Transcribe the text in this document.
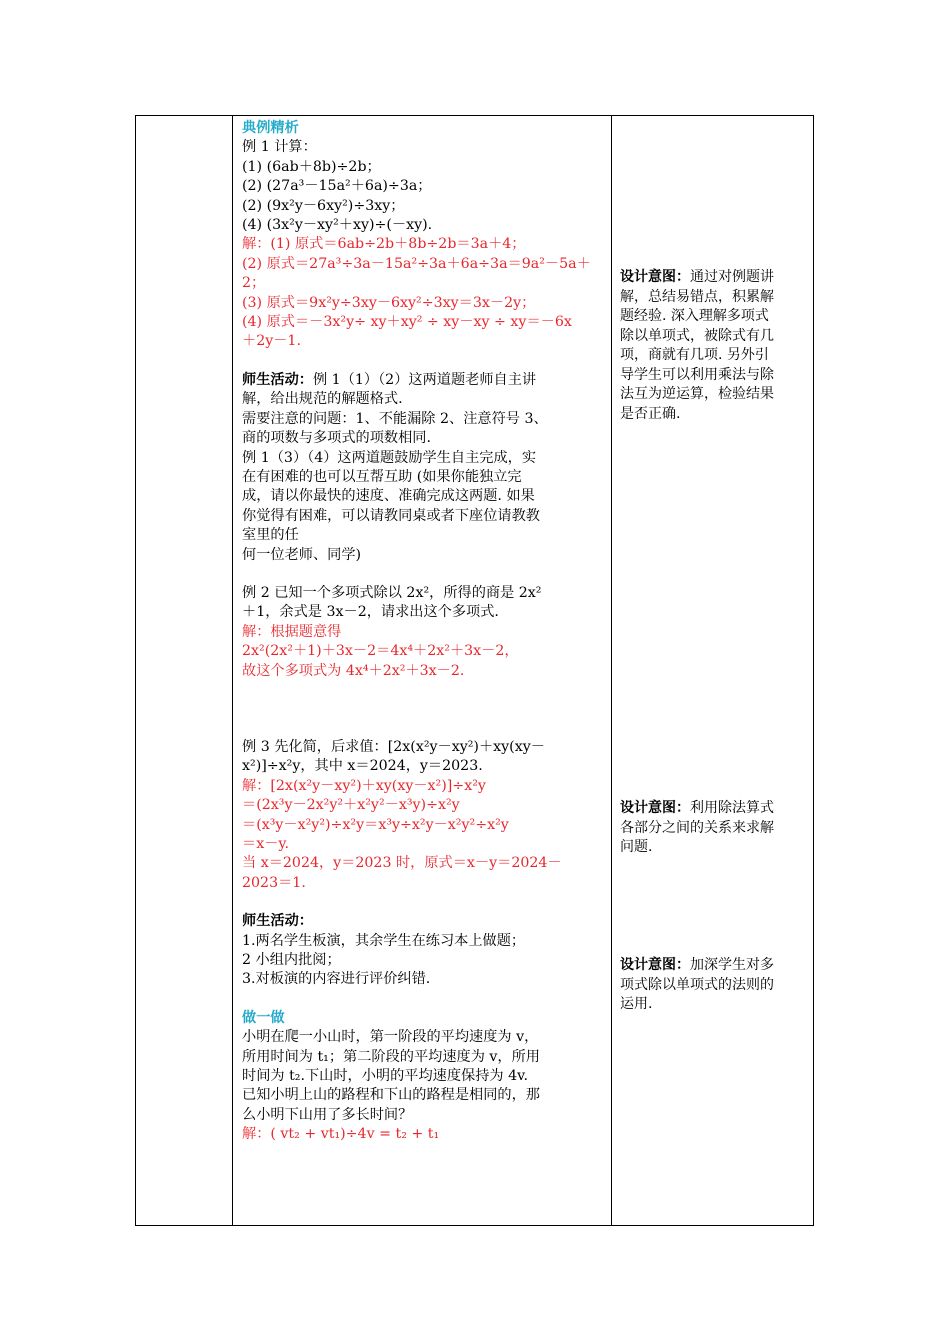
典例精析
例 1 计算：
(1) (6ab＋8b)÷2b；
(2) (27a³－15a²＋6a)÷3a；
(2) (9x²y－6xy²)÷3xy；
(4) (3x²y－xy²＋xy)÷(－xy).
解：(1) 原式＝6ab÷2b＋8b÷2b＝3a＋4；
(2) 原式＝27a³÷3a－15a²÷3a＋6a÷3a＝9a²－5a＋
2；
(3) 原式＝9x²y÷3xy－6xy²÷3xy＝3x－2y；
(4) 原式＝－3x²y÷ xy＋xy² ÷ xy－xy ÷ xy＝－6x
＋2y－1.
师生活动：例 1（1）（2）这两道题老师自主讲
解，给出规范的解题格式.
需要注意的问题：1、不能漏除 2、注意符号 3、
商的项数与多项式的项数相同.
例 1（3）（4）这两道题鼓励学生自主完成，实
在有困难的也可以互帮互助 (如果你能独立完
成，请以你最快的速度、准确完成这两题. 如果
你觉得有困难，可以请教同桌或者下座位请教教
室里的任
何一位老师、同学)
例 2 已知一个多项式除以 2x²，所得的商是 2x²
＋1，余式是 3x－2，请求出这个多项式.
解：根据题意得
2x²(2x²＋1)＋3x－2＝4x⁴＋2x²＋3x－2，
故这个多项式为 4x⁴＋2x²＋3x－2.
例 3 先化简，后求值：[2x(x²y－xy²)＋xy(xy－
x²)]÷x²y，其中 x＝2024，y＝2023.
解：[2x(x²y－xy²)＋xy(xy－x²)]÷x²y
＝(2x³y－2x²y²＋x²y²－x³y)÷x²y
＝(x³y－x²y²)÷x²y＝x³y÷x²y－x²y²÷x²y
＝x－y.
当 x＝2024，y＝2023 时，原式＝x－y＝2024－
2023＝1.
师生活动：
1.两名学生板演，其余学生在练习本上做题；
2 小组内批阅；
3.对板演的内容进行评价纠错.
做一做
小明在爬一小山时，第一阶段的平均速度为 v，
所用时间为 t₁；第二阶段的平均速度为 v，所用
时间为 t₂.下山时，小明的平均速度保持为 4v.
已知小明上山的路程和下山的路程是相同的，那
么小明下山用了多长时间？
解：( vt₂ + vt₁)÷4v = t₂ + t₁
设计意图：通过对例题讲
解，总结易错点，积累解
题经验. 深入理解多项式
除以单项式，被除式有几
项，商就有几项. 另外引
导学生可以利用乘法与除
法互为逆运算，检验结果
是否正确.
设计意图：利用除法算式
各部分之间的关系来求解
问题.
设计意图：加深学生对多
项式除以单项式的法则的
运用.
